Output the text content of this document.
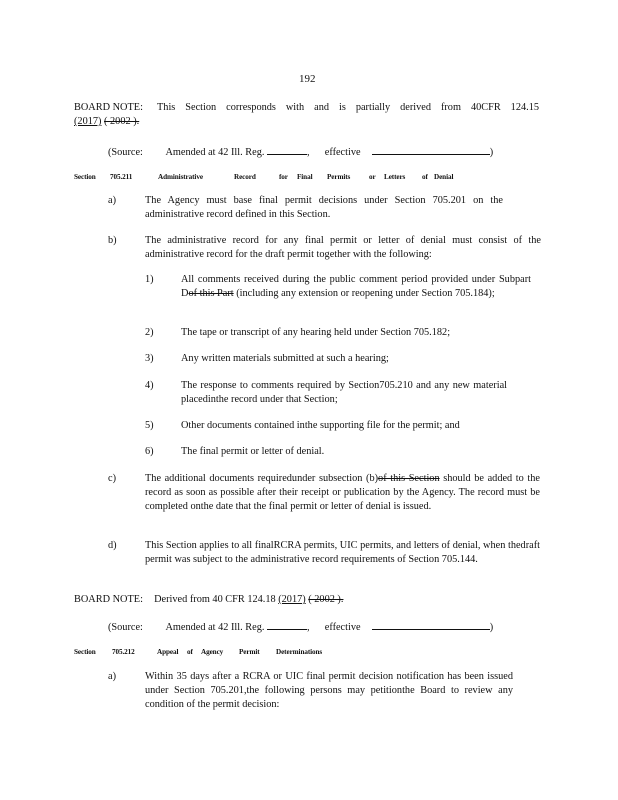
192
BOARD NOTE: This Section corresponds with and is partially derived from 40CFR 124.15
(2017) ( 2002 ).
(Source: Amended at 42 Ill. Reg.	, effective	)
Section 705.211	Administrative	Record	for Final Permits	or Letters of Denial
a)	The Agency must base final permit decisions under Section 705.201 on the administrative record defined in this Section.
b)	The administrative record for any final permit or letter of denial must consist of the administrative record for the draft permit together with the following:
1)	All comments received during the public comment period provided under Subpart Dof this Part (including any extension or reopening under Section 705.184);
2)	The tape or transcript of any hearing held under Section 705.182;
3)	Any written materials submitted at such a hearing;
4)	The response to comments required by Section705.210 and any new material placedinthe record under that Section;
5)	Other documents contained inthe supporting file for the permit; and
6)	The final permit or letter of denial.
c)	The additional documents requiredunder subsection (b)of this Section should be added to the record as soon as possible after their receipt or publication by the Agency. The record must be completed onthe date that the final permit or letter of denial is issued.
d)	This Section applies to all finalRCRA permits, UIC permits, and letters of denial, when thedraft permit was subject to the administrative record requirements of Section 705.144.
BOARD NOTE: Derived from 40 CFR 124.18 (2017) ( 2002 ).
(Source: Amended at 42 Ill. Reg.	, effective	)
Section 705.212	Appeal of Agency Permit Determinations
a)	Within 35 days after a RCRA or UIC final permit decision notification has been issued under Section 705.201,the following persons may petitionthe Board to review any condition of the permit decision:
